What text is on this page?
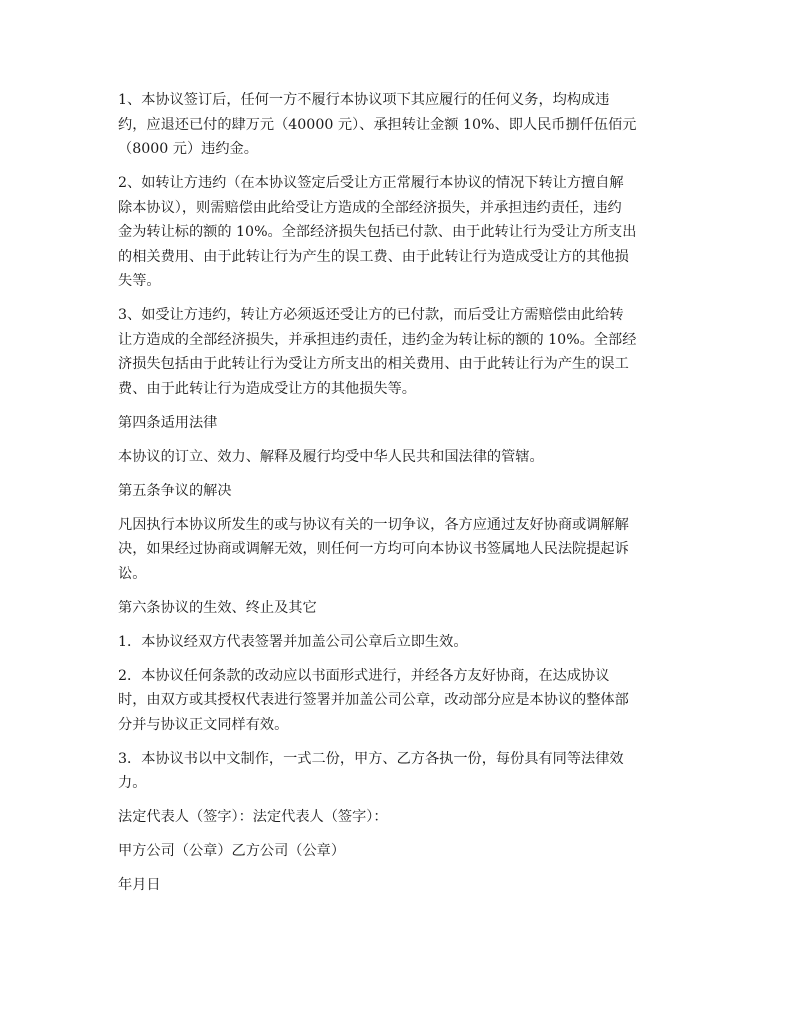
1、本协议签订后，任何一方不履行本协议项下其应履行的任何义务，均构成违
约，应退还已付的肆万元（40000 元）、承担转让金额 10%、即人民币捌仟伍佰元
（8000 元）违约金。

2、如转让方违约（在本协议签定后受让方正常履行本协议的情况下转让方擅自解
除本协议），则需赔偿由此给受让方造成的全部经济损失，并承担违约责任，违约
金为转让标的额的 10%。全部经济损失包括已付款、由于此转让行为受让方所支出
的相关费用、由于此转让行为产生的误工费、由于此转让行为造成受让方的其他损
失等。

3、如受让方违约，转让方必须返还受让方的已付款，而后受让方需赔偿由此给转
让方造成的全部经济损失，并承担违约责任，违约金为转让标的额的 10%。全部经
济损失包括由于此转让行为受让方所支出的相关费用、由于此转让行为产生的误工
费、由于此转让行为造成受让方的其他损失等。

第四条适用法律

本协议的订立、效力、解释及履行均受中华人民共和国法律的管辖。

第五条争议的解决

凡因执行本协议所发生的或与协议有关的一切争议，各方应通过友好协商或调解解
决，如果经过协商或调解无效，则任何一方均可向本协议书签属地人民法院提起诉
讼。

第六条协议的生效、终止及其它

1．本协议经双方代表签署并加盖公司公章后立即生效。

2．本协议任何条款的改动应以书面形式进行，并经各方友好协商，在达成协议
时，由双方或其授权代表进行签署并加盖公司公章，改动部分应是本协议的整体部
分并与协议正文同样有效。

3．本协议书以中文制作，一式二份，甲方、乙方各执一份，每份具有同等法律效
力。

法定代表人（签字）：法定代表人（签字）：

甲方公司（公章）乙方公司（公章）

年月日
